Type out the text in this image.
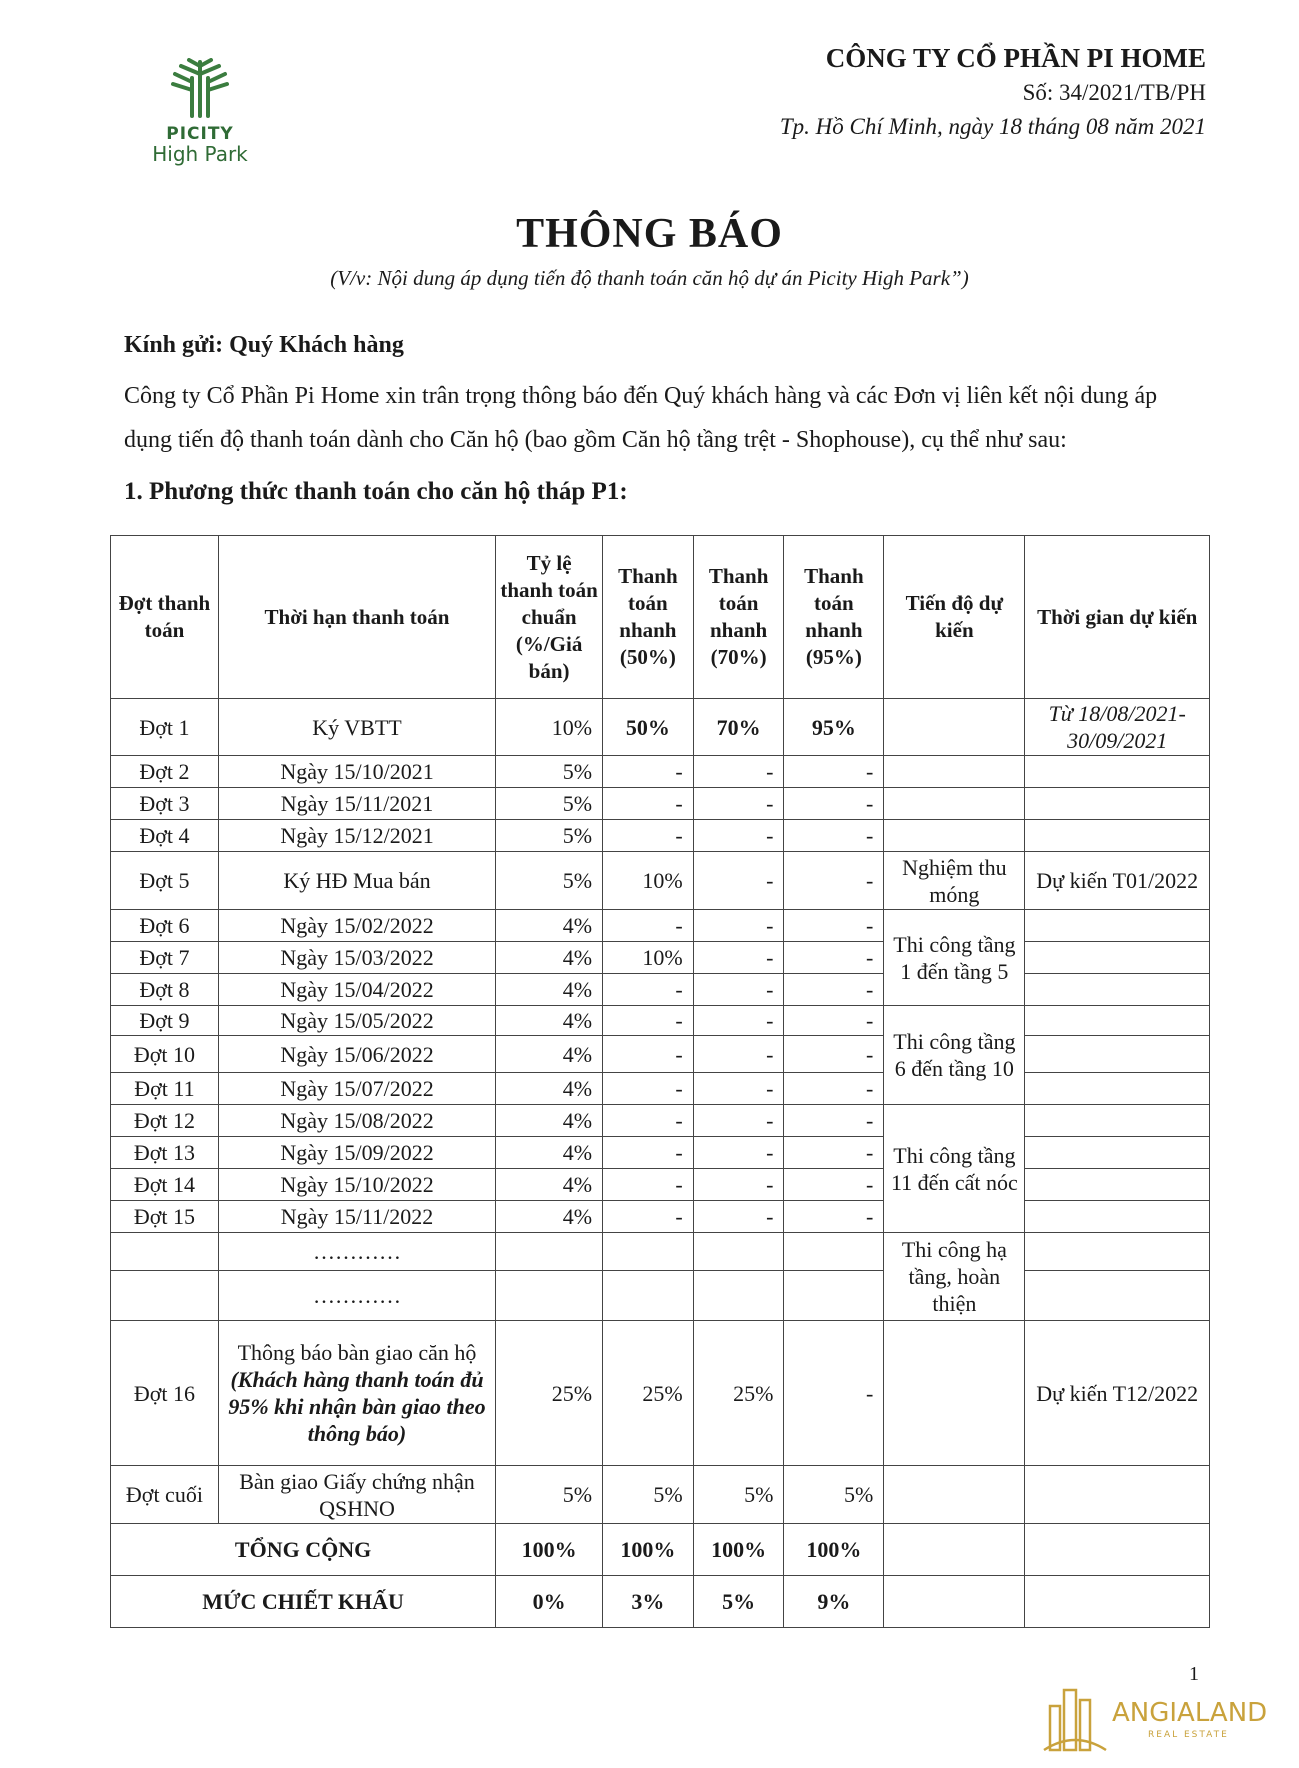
PICITY
High Park
CÔNG TY CỔ PHẦN PI HOME
Số: 34/2021/TB/PH
Tp. Hồ Chí Minh, ngày 18 tháng 08 năm 2021
THÔNG BÁO
(V/v: Nội dung áp dụng tiến độ thanh toán căn hộ dự án Picity High Park”)
Kính gửi: Quý Khách hàng
Công ty Cổ Phần Pi Home xin trân trọng thông báo đến Quý khách hàng và các Đơn vị liên kết nội dung áp dụng tiến độ thanh toán dành cho Căn hộ (bao gồm Căn hộ tầng trệt - Shophouse), cụ thể như sau:
1. Phương thức thanh toán cho căn hộ tháp P1:
Đợt thanh toán	Thời hạn thanh toán	Tỷ lệ thanh toán chuẩn (%/Giá bán)	Thanh toán nhanh (50%)	Thanh toán nhanh (70%)	Thanh toán nhanh (95%)	Tiến độ dự kiến	Thời gian dự kiến
Đợt 1	Ký VBTT	10%	50%	70%	95%		Từ 18/08/2021-30/09/2021
Đợt 2	Ngày 15/10/2021	5%	-	-	-		
Đợt 3	Ngày 15/11/2021	5%	-	-	-		
Đợt 4	Ngày 15/12/2021	5%	-	-	-		
Đợt 5	Ký HĐ Mua bán	5%	10%	-	-	Nghiệm thu móng	Dự kiến T01/2022
Đợt 6	Ngày 15/02/2022	4%	-	-	-	Thi công tầng 1 đến tầng 5	
Đợt 7	Ngày 15/03/2022	4%	10%	-	-		
Đợt 8	Ngày 15/04/2022	4%	-	-	-		
Đợt 9	Ngày 15/05/2022	4%	-	-	-	Thi công tầng 6 đến tầng 10	
Đợt 10	Ngày 15/06/2022	4%	-	-	-		
Đợt 11	Ngày 15/07/2022	4%	-	-	-		
Đợt 12	Ngày 15/08/2022	4%	-	-	-	Thi công tầng 11 đến cất nóc	
Đợt 13	Ngày 15/09/2022	4%	-	-	-		
Đợt 14	Ngày 15/10/2022	4%	-	-	-		
Đợt 15	Ngày 15/11/2022	4%	-	-	-		
	…………					Thi công hạ tầng, hoàn thiện	
	…………						
Đợt 16	Thông báo bàn giao căn hộ (Khách hàng thanh toán đủ 95% khi nhận bàn giao theo thông báo)	25%	25%	25%	-		Dự kiến T12/2022
Đợt cuối	Bàn giao Giấy chứng nhận QSHNO	5%	5%	5%	5%		
TỔNG CỘNG		100%	100%	100%	100%		
MỨC CHIẾT KHẤU		0%	3%	5%	9%		
1
ANGIALAND
REAL ESTATE
